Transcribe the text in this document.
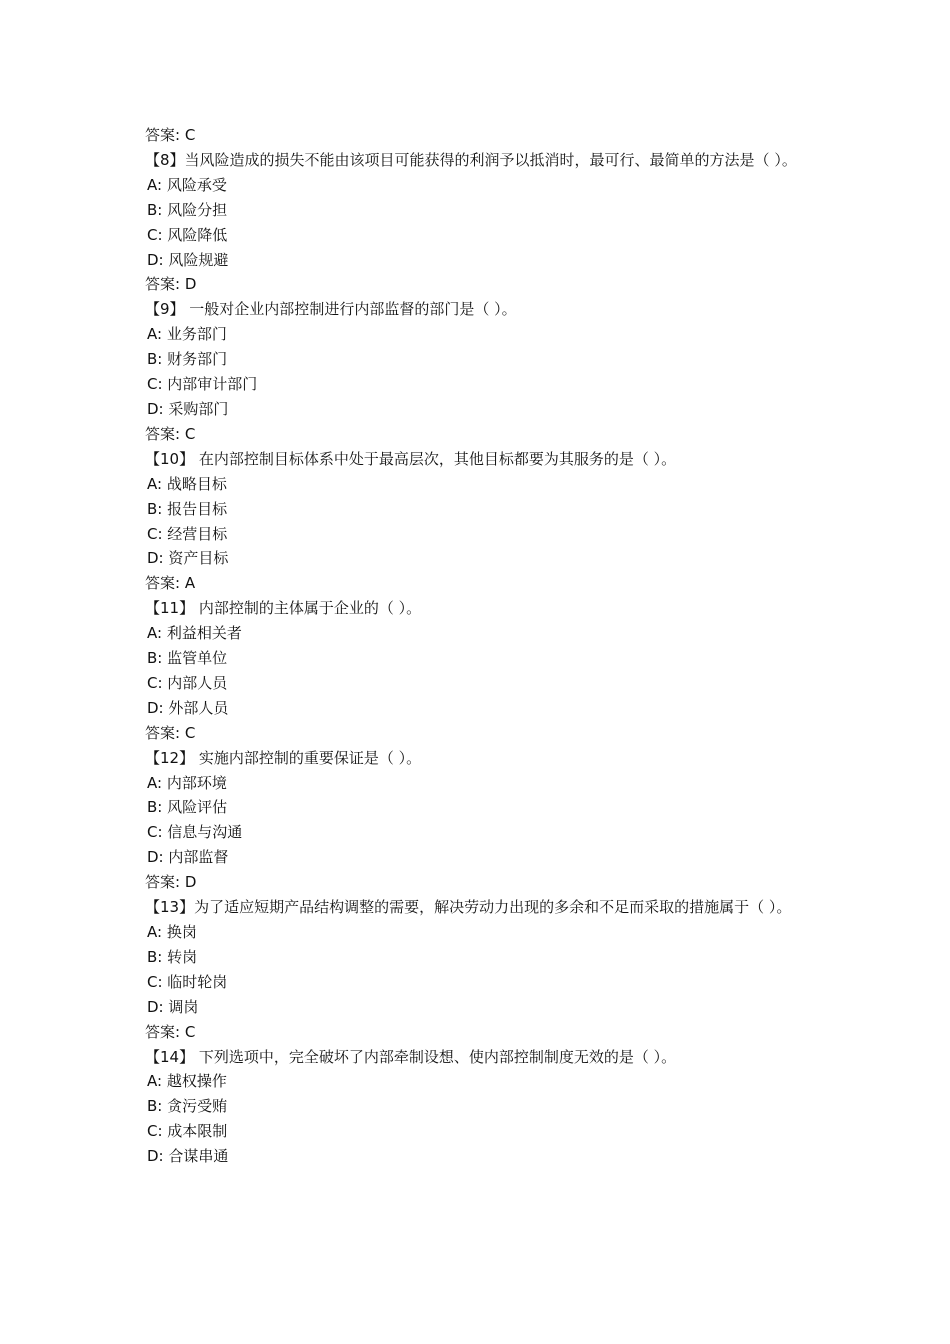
答案: C
【8】当风险造成的损失不能由该项目可能获得的利润予以抵消时，最可行、最简单的方法是（ ）。
A: 风险承受
B: 风险分担
C: 风险降低
D: 风险规避
答案: D
【9】 一般对企业内部控制进行内部监督的部门是（ ）。
A: 业务部门
B: 财务部门
C: 内部审计部门
D: 采购部门
答案: C
【10】 在内部控制目标体系中处于最高层次，其他目标都要为其服务的是（ ）。
A: 战略目标
B: 报告目标
C: 经营目标
D: 资产目标
答案: A
【11】 内部控制的主体属于企业的（ ）。
A: 利益相关者
B: 监管单位
C: 内部人员
D: 外部人员
答案: C
【12】 实施内部控制的重要保证是（ ）。
A: 内部环境
B: 风险评估
C: 信息与沟通
D: 内部监督
答案: D
【13】为了适应短期产品结构调整的需要，解决劳动力出现的多余和不足而采取的措施属于（ ）。
A: 换岗
B: 转岗
C: 临时轮岗
D: 调岗
答案: C
【14】 下列选项中，完全破坏了内部牵制设想、使内部控制制度无效的是（ ）。
A: 越权操作
B: 贪污受贿
C: 成本限制
D: 合谋串通
